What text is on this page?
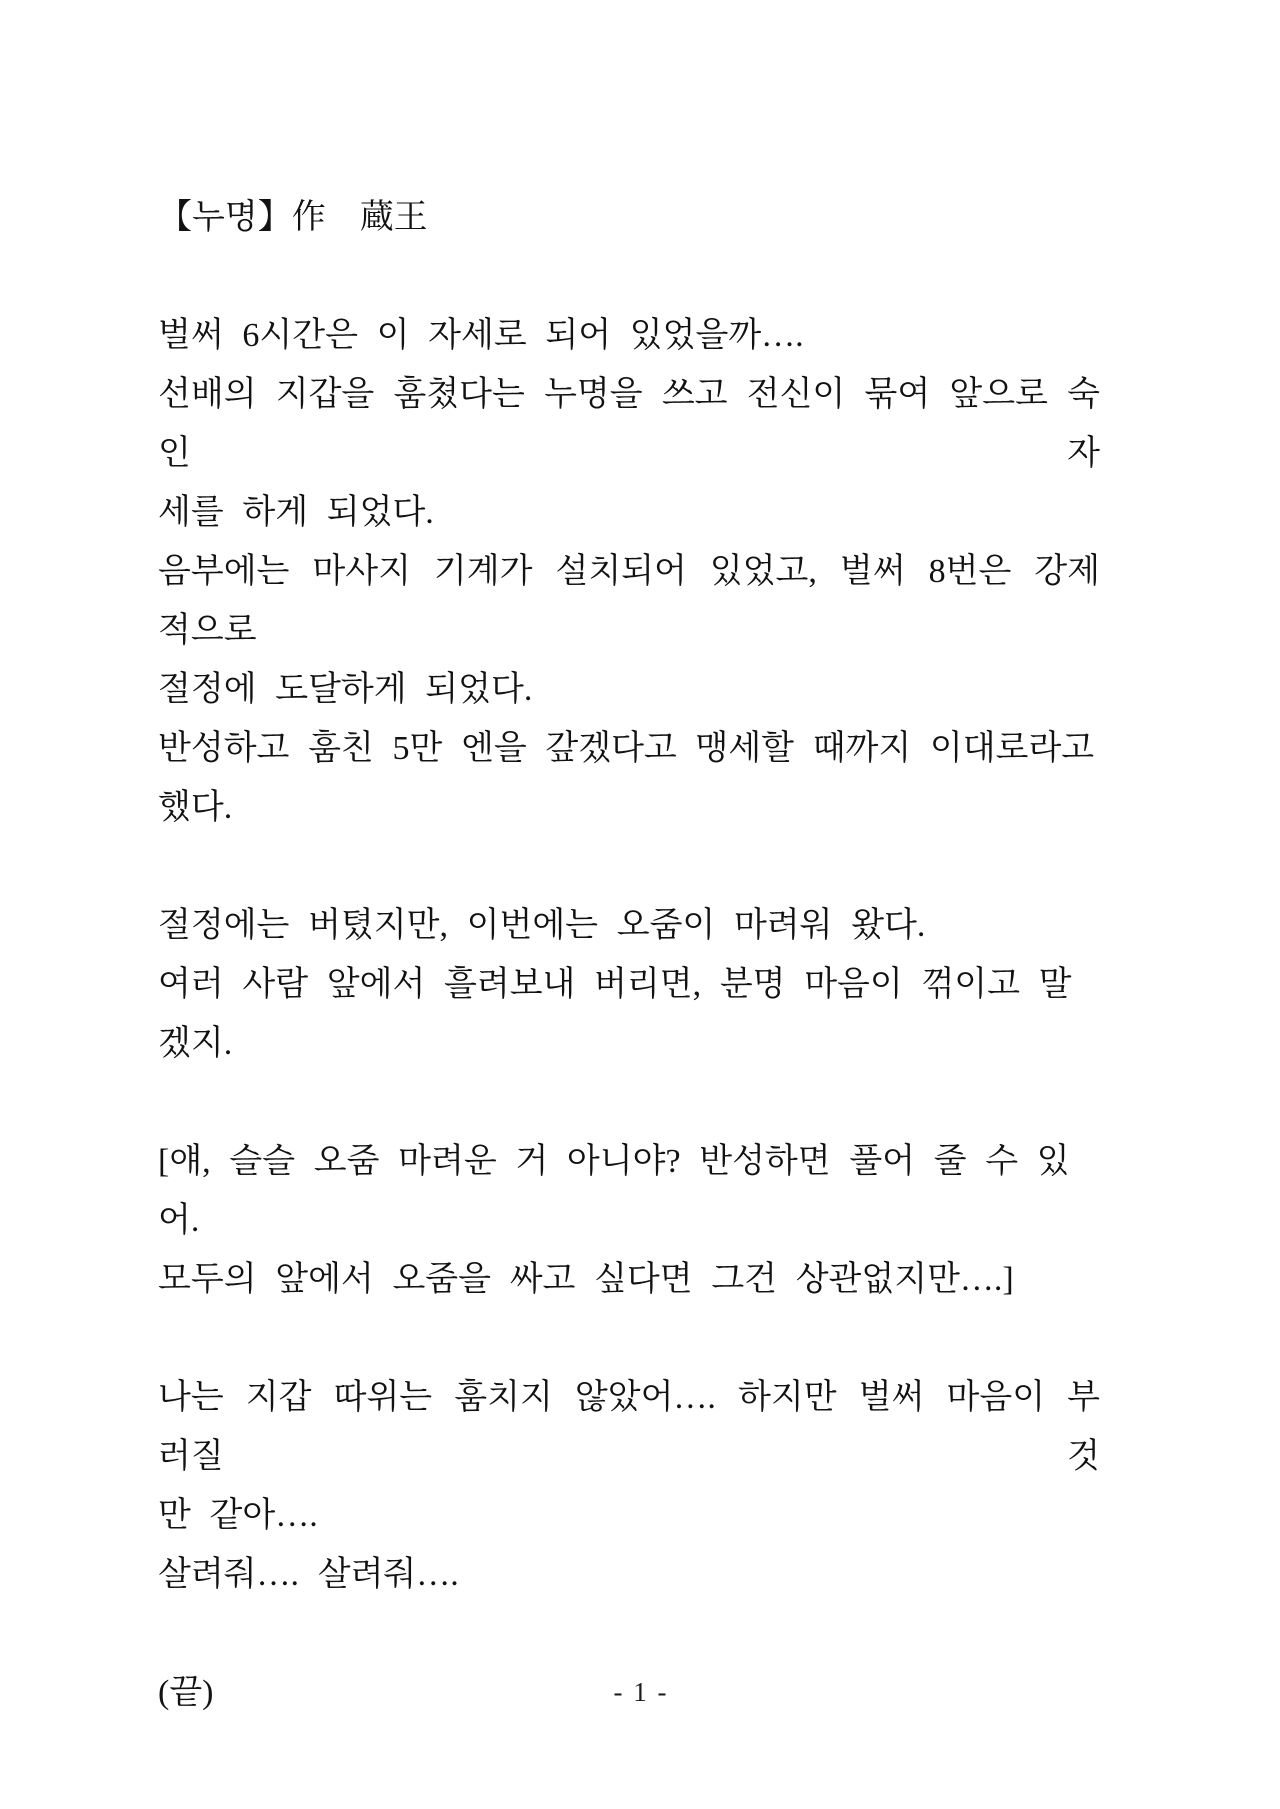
【누명】作　蔵王
벌써 6시간은 이 자세로 되어 있었을까….
선배의 지갑을 훔쳤다는 누명을 쓰고 전신이 묶여 앞으로 숙인 자
세를 하게 되었다.
음부에는 마사지 기계가 설치되어 있었고, 벌써 8번은 강제적으로
절정에 도달하게 되었다.
반성하고 훔친 5만 엔을 갚겠다고 맹세할 때까지 이대로라고 했다.
절정에는 버텼지만, 이번에는 오줌이 마려워 왔다.
여러 사람 앞에서 흘려보내 버리면, 분명 마음이 꺾이고 말겠지.
[얘, 슬슬 오줌 마려운 거 아니야? 반성하면 풀어 줄 수 있어.
모두의 앞에서 오줌을 싸고 싶다면 그건 상관없지만….]
나는 지갑 따위는 훔치지 않았어…. 하지만 벌써 마음이 부러질 것
만 같아….
살려줘…. 살려줘….
(끝)	- 1 -
